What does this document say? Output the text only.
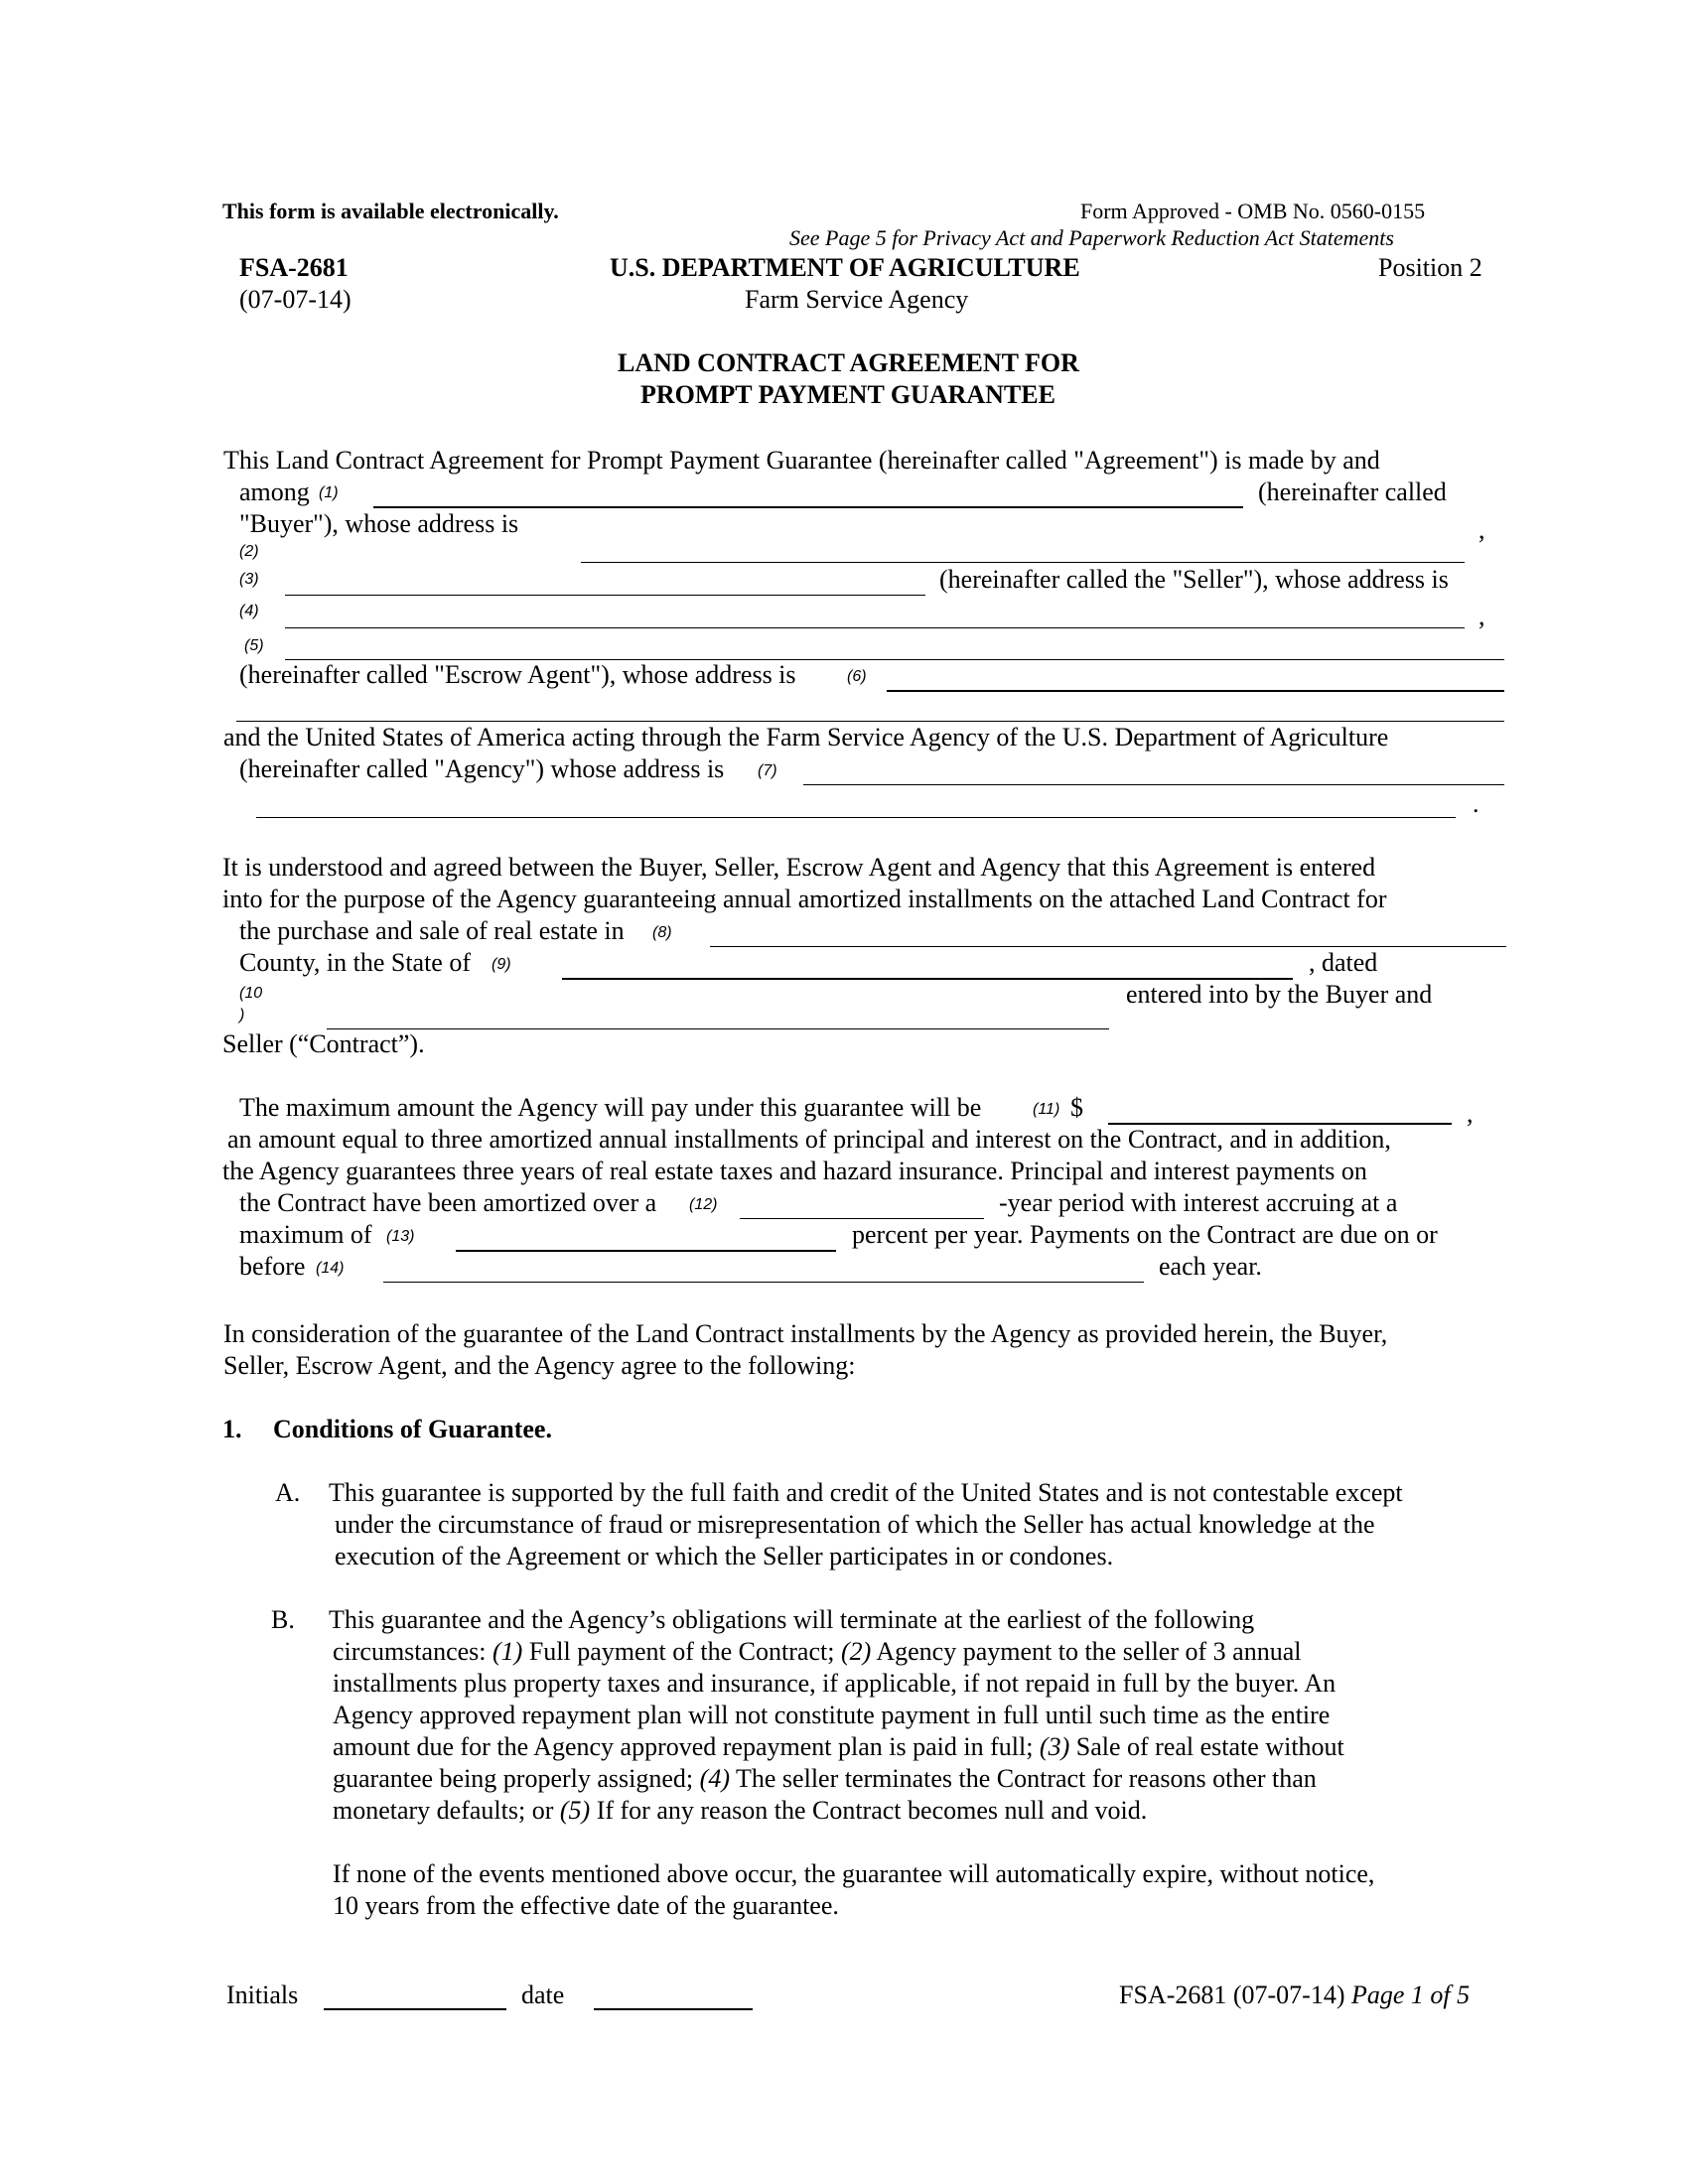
This form is available electronically.	Form Approved - OMB No. 0560-0155
See Page 5 for Privacy Act and Paperwork Reduction Act Statements
FSA-2681
(07-07-14)
U.S. DEPARTMENT OF AGRICULTURE
Farm Service Agency
Position 2
LAND CONTRACT AGREEMENT FOR
PROMPT PAYMENT GUARANTEE
This Land Contract Agreement for Prompt Payment Guarantee (hereinafter called "Agreement") is made by and
among (1)	(hereinafter called
"Buyer"), whose address is	,
(2)
(3)	(hereinafter called the "Seller"), whose address is
(4)	,
(5)
(hereinafter called "Escrow Agent"), whose address is	(6)
and the United States of America acting through the Farm Service Agency of the U.S. Department of Agriculture
(hereinafter called "Agency") whose address is (7)
.
It is understood and agreed between the Buyer, Seller, Escrow Agent and Agency that this Agreement is entered
into for the purpose of the Agency guaranteeing annual amortized installments on the attached Land Contract for
the purchase and sale of real estate in (8)
County, in the State of (9)	, dated
(10
)
entered into by the Buyer and
Seller (“Contract”).
The maximum amount the Agency will pay under this guarantee will be	(11) $	,
an amount equal to three amortized annual installments of principal and interest on the Contract, and in addition,
the Agency guarantees three years of real estate taxes and hazard insurance. Principal and interest payments on
the Contract have been amortized over a (12)	-year period with interest accruing at a
maximum of (13)	percent per year. Payments on the Contract are due on or
before (14)	each year.
In consideration of the guarantee of the Land Contract installments by the Agency as provided herein, the Buyer,
Seller, Escrow Agent, and the Agency agree to the following:
1. Conditions of Guarantee.
A. This guarantee is supported by the full faith and credit of the United States and is not contestable except
under the circumstance of fraud or misrepresentation of which the Seller has actual knowledge at the
execution of the Agreement or which the Seller participates in or condones.
B. This guarantee and the Agency’s obligations will terminate at the earliest of the following
circumstances: (1) Full payment of the Contract; (2) Agency payment to the seller of 3 annual
installments plus property taxes and insurance, if applicable, if not repaid in full by the buyer. An
Agency approved repayment plan will not constitute payment in full until such time as the entire
amount due for the Agency approved repayment plan is paid in full; (3) Sale of real estate without
guarantee being properly assigned; (4) The seller terminates the Contract for reasons other than
monetary defaults; or (5) If for any reason the Contract becomes null and void.
If none of the events mentioned above occur, the guarantee will automatically expire, without notice,
10 years from the effective date of the guarantee.
Initials	date	FSA-2681 (07-07-14) Page 1 of 5
